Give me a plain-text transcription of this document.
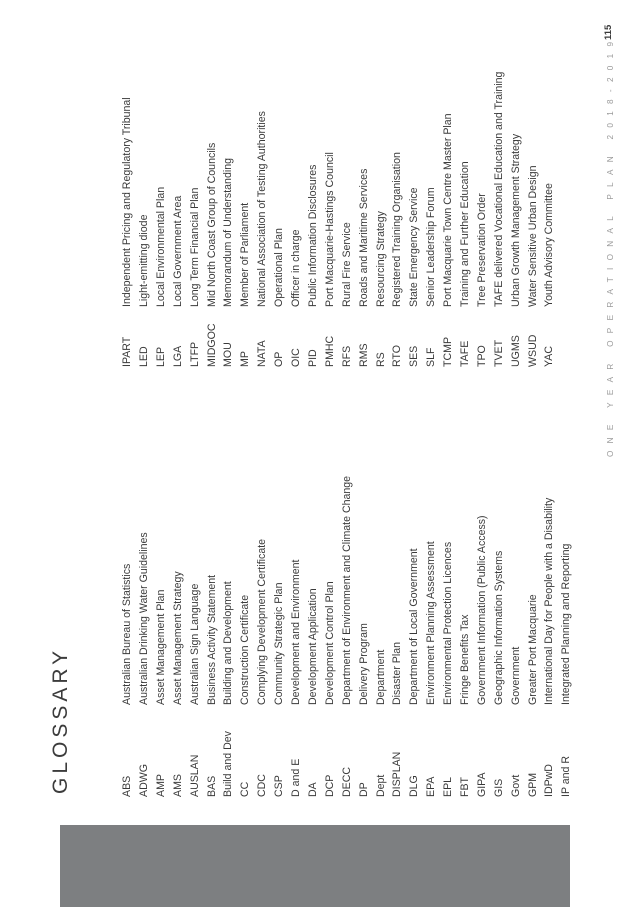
GLOSSARY	ABS
Australian Bureau of Statistics
ADWG
Australian Drinking Water Guidelines
AMP
Asset Management Plan
AMS
Asset Management Strategy
AUSLAN
Australian Sign Language
BAS
Business Activity Statement
Build and Dev
Building and Development
CC
Construction Certificate
CDC
Complying Development Certificate
CSP
Community Strategic Plan
D and E
Development and Environment
DA
Development Application
DCP
Development Control Plan
DECC
Department of Environment and Climate Change
DP
Delivery Program
Dept
Department
DISPLAN
Disaster Plan
DLG
Department of Local Government
EPA
Environment Planning Assessment
EPL
Environmental Protection Licences
FBT
Fringe Benefits Tax
GIPA
Government Information (Public Access)
GIS
Geographic Information Systems
Govt
Government
GPM
Greater Port Macquarie
IDPwD
International Day for People with a Disability
IP and R
Integrated Planning and Reporting
IPART
Independent Pricing and Regulatory Tribunal
LED
Light-emitting diode
LEP
Local Environmental Plan
LGA
Local Government Area
LTFP
Long Term Financial Plan
MIDGOC
Mid North Coast Group of Councils
MOU
Memorandum of Understanding
MP
Member of Parliament
NATA
National Association of Testing Authorities
OP
Operational Plan
OIC
Officer in charge
PID
Public Information Disclosures
PMHC
Port Macquarie-Hastings Council
RFS
Rural Fire Service
RMS
Roads and Maritime Services
RS
Resourcing Strategy
RTO
Registered Training Organisation
SES
State Emergency Service
SLF
Senior Leadership Forum
TCMP
Port Macquarie Town Centre Master Plan
TAFE
Training and Further Education
TPO
Tree Preservation Order
TVET
TAFE delivered Vocational Education and Training
UGMS
Urban Growth Management Strategy
WSUD
Water Sensitive Urban Design
YAC
Youth Advisory Committee	ONE YEAR OPERATIONAL PLAN 2018-2019
115
